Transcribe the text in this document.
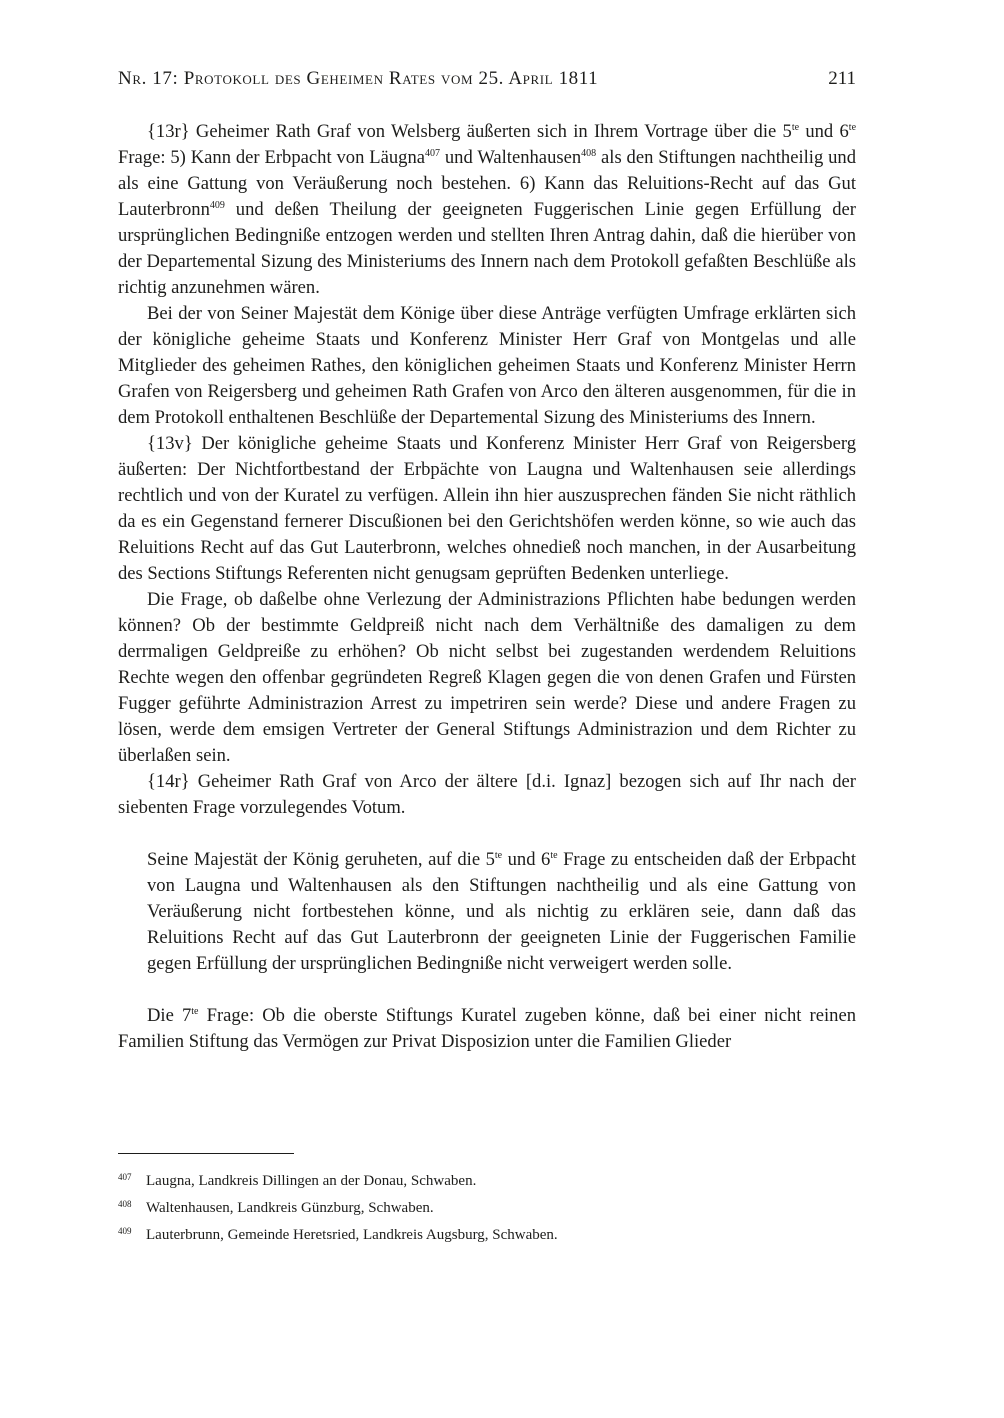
Nr. 17: Protokoll des Geheimen Rates vom 25. April 1811	211

{13r} Geheimer Rath Graf von Welsberg äußerten sich in Ihrem Vortrage über die $5^{te}$ und $6^{te}$ Frage: 5) Kann der Erbpacht von Läugna$^{407}$ und Waltenhausen$^{408}$ als den Stiftungen nachtheilig und als eine Gattung von Veräußerung noch bestehen. 6) Kann das Reluitions-Recht auf das Gut Lauterbronn$^{409}$ und deßen Theilung der geeigneten Fuggerischen Linie gegen Erfüllung der ursprünglichen Bedingniße entzogen werden und stellten Ihren Antrag dahin, daß die hierüber von der Departemental Sizung des Ministeriums des Innern nach dem Protokoll gefaßten Beschlüße als richtig anzunehmen wären.

Bei der von Seiner Majestät dem Könige über diese Anträge verfügten Umfrage erklärten sich der königliche geheime Staats und Konferenz Minister Herr Graf von Montgelas und alle Mitglieder des geheimen Rathes, den königlichen geheimen Staats und Konferenz Minister Herrn Grafen von Reigersberg und geheimen Rath Grafen von Arco den älteren ausgenommen, für die in dem Protokoll enthaltenen Beschlüße der Departemental Sizung des Ministeriums des Innern.

{13v} Der königliche geheime Staats und Konferenz Minister Herr Graf von Reigersberg äußerten: Der Nichtfortbestand der Erbpächte von Laugna und Waltenhausen seie allerdings rechtlich und von der Kuratel zu verfügen. Allein ihn hier auszusprechen fänden Sie nicht räthlich da es ein Gegenstand fernerer Discußionen bei den Gerichtshöfen werden könne, so wie auch das Reluitions Recht auf das Gut Lauterbronn, welches ohnedieß noch manchen, in der Ausarbeitung des Sections Stiftungs Referenten nicht genugsam geprüften Bedenken unterliege.

Die Frage, ob daßelbe ohne Verlezung der Administrazions Pflichten habe bedungen werden können? Ob der bestimmte Geldpreiß nicht nach dem Verhältniße des damaligen zu dem derrmaligen Geldpreiße zu erhöhen? Ob nicht selbst bei zugestanden werdendem Reluitions Rechte wegen den offenbar gegründeten Regreß Klagen gegen die von denen Grafen und Fürsten Fugger geführte Administrazion Arrest zu impetriren sein werde? Diese und andere Fragen zu lösen, werde dem emsigen Vertreter der General Stiftungs Administrazion und dem Richter zu überlaßen sein.

{14r} Geheimer Rath Graf von Arco der ältere [d.i. Ignaz] bezogen sich auf Ihr nach der siebenten Frage vorzulegendes Votum.

Seine Majestät der König geruheten, auf die $5^{te}$ und $6^{te}$ Frage zu entscheiden daß der Erbpacht von Laugna und Waltenhausen als den Stiftungen nachtheilig und als eine Gattung von Veräußerung nicht fortbestehen könne, und als nichtig zu erklären seie, dann daß das Reluitions Recht auf das Gut Lauterbronn der geeigneten Linie der Fuggerischen Familie gegen Erfüllung der ursprünglichen Bedingniße nicht verweigert werden solle.

Die $7^{te}$ Frage: Ob die oberste Stiftungs Kuratel zugeben könne, daß bei einer nicht reinen Familien Stiftung das Vermögen zur Privat Disposizion unter die Familien Glieder

407 Laugna, Landkreis Dillingen an der Donau, Schwaben.
408 Waltenhausen, Landkreis Günzburg, Schwaben.
409 Lauterbrunn, Gemeinde Heretsried, Landkreis Augsburg, Schwaben.
